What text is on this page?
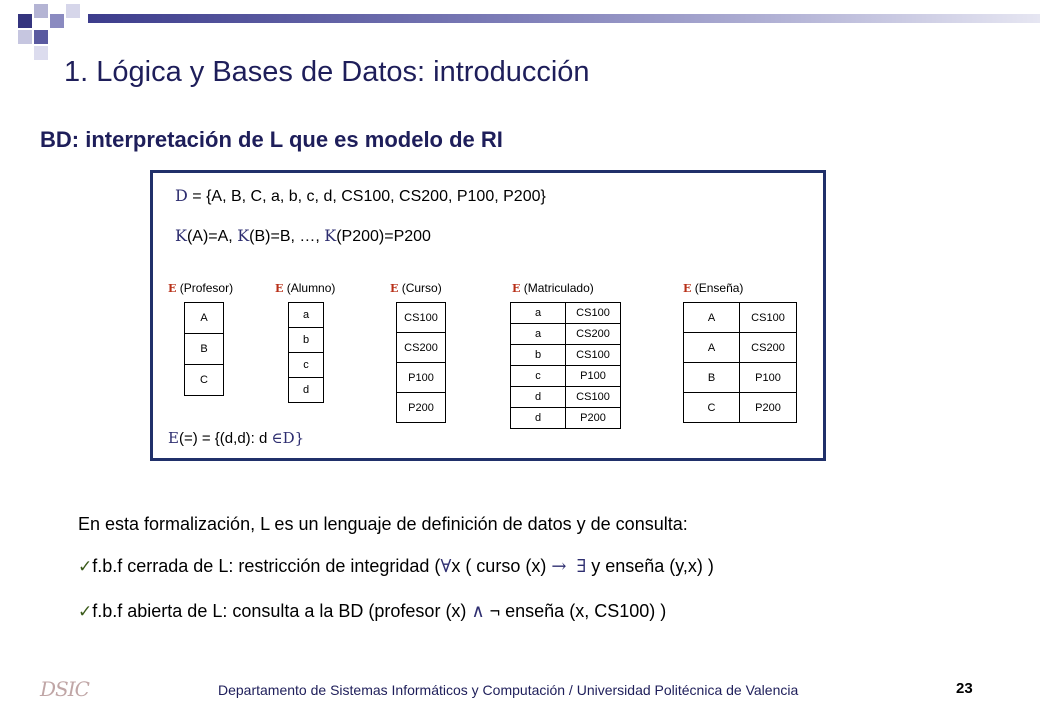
1. Lógica y Bases de Datos: introducción
BD: interpretación de L que es modelo de RI
D = {A, B, C, a, b, c, d, CS100, CS200, P100, P200}
K(A)=A, K(B)=B, …, K(P200)=P200
E (Profesor)	E (Alumno)	E (Curso)	E (Matriculado)	E (Enseña)
A
B
C
a
b
c
d
CS100
CS200
P100
P200
a	CS100
a	CS200
b	CS100
c	P100
d	CS100
d	P200
A	CS100
A	CS200
B	P100
C	P200
E(=) = {(d,d): d ∈D}
En esta formalización, L es un lenguaje de definición de datos y de consulta:
✓f.b.f cerrada de L: restricción de integridad (∀x ( curso (x) → ∃ y enseña (y,x) )
✓f.b.f abierta de L: consulta a la BD (profesor (x) ∧ ¬ enseña (x, CS100) )
DSIC	Departamento de Sistemas Informáticos y Computación / Universidad Politécnica de Valencia	23
